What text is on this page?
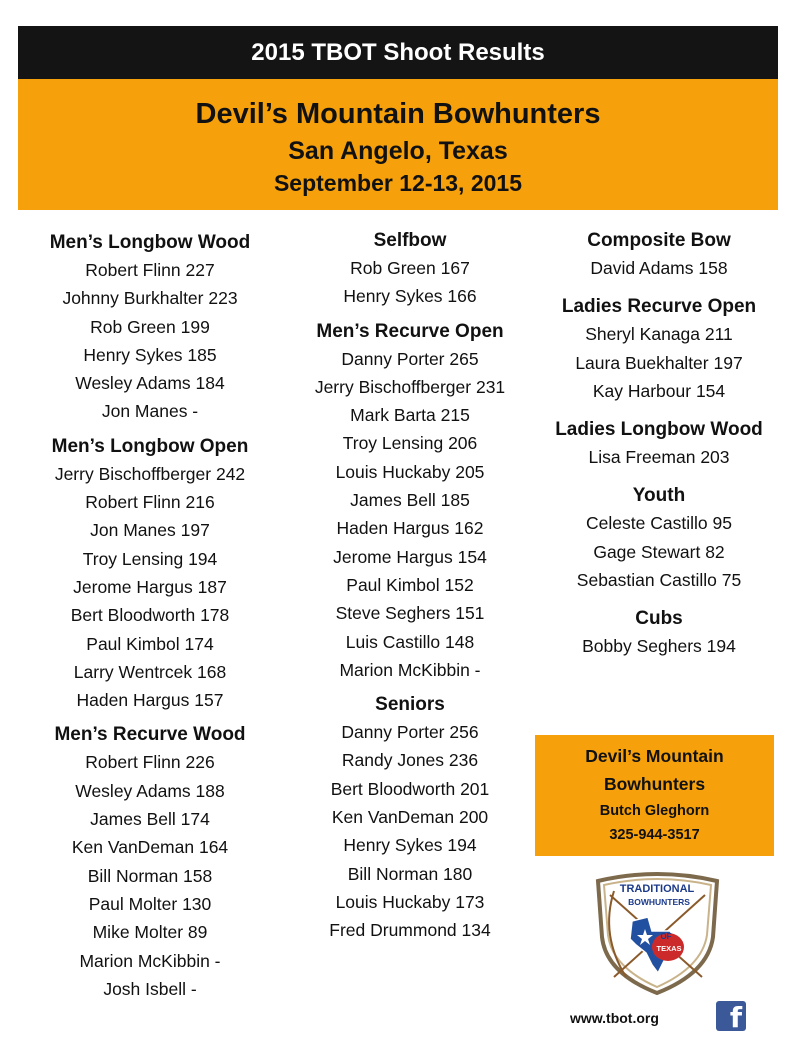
2015 TBOT Shoot Results
Devil’s Mountain Bowhunters
San Angelo, Texas
September 12-13, 2015
Men’s Longbow Wood
Robert Flinn 227
Johnny Burkhalter 223
Rob Green 199
Henry Sykes 185
Wesley Adams 184
Jon Manes -
Men’s Longbow Open
Jerry Bischoffberger 242
Robert Flinn 216
Jon Manes 197
Troy Lensing 194
Jerome Hargus 187
Bert Bloodworth 178
Paul Kimbol 174
Larry Wentrcek 168
Haden Hargus 157
Men’s Recurve Wood
Robert Flinn 226
Wesley Adams 188
James Bell 174
Ken VanDeman 164
Bill Norman 158
Paul Molter 130
Mike Molter 89
Marion McKibbin -
Josh Isbell -
Selfbow
Rob Green 167
Henry Sykes 166
Men’s Recurve Open
Danny Porter 265
Jerry Bischoffberger 231
Mark Barta 215
Troy Lensing 206
Louis Huckaby 205
James Bell 185
Haden Hargus 162
Jerome Hargus 154
Paul Kimbol 152
Steve Seghers 151
Luis Castillo 148
Marion McKibbin -
Seniors
Danny Porter 256
Randy Jones 236
Bert Bloodworth 201
Ken VanDeman 200
Henry Sykes 194
Bill Norman 180
Louis Huckaby 173
Fred Drummond 134
Composite Bow
David Adams 158
Ladies Recurve Open
Sheryl Kanaga 211
Laura Buekhalter 197
Kay Harbour 154
Ladies Longbow Wood
Lisa Freeman 203
Youth
Celeste Castillo 95
Gage Stewart 82
Sebastian Castillo 75
Cubs
Bobby Seghers 194
Devil’s Mountain
Bowhunters
Butch Gleghorn
325-944-3517
TRADITIONAL
BOWHUNTERS
OF
TEXAS
www.tbot.org	f
